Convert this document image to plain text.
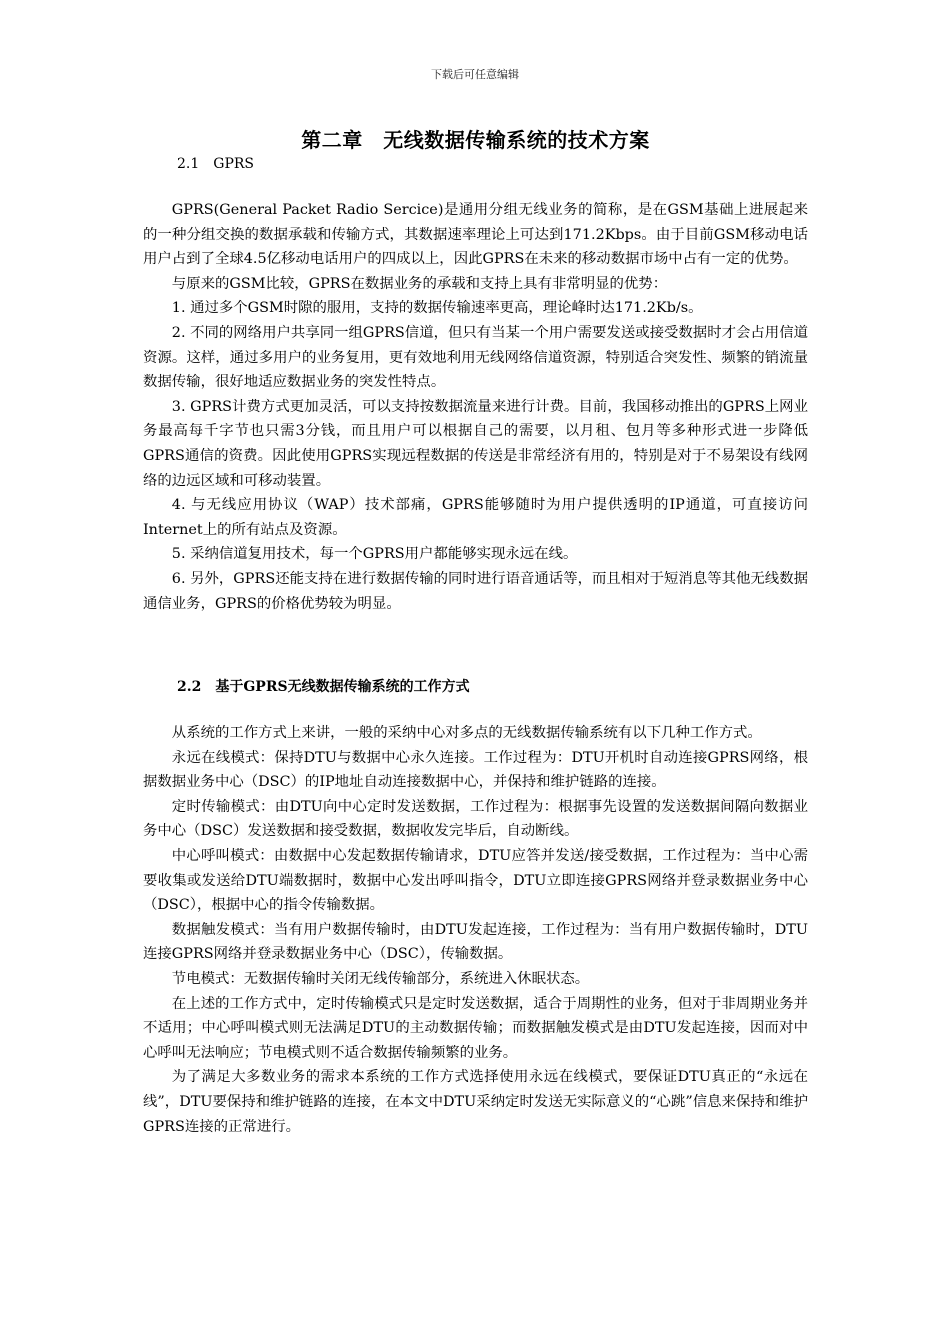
下载后可任意编辑
第二章　无线数据传输系统的技术方案
2.1　GPRS

GPRS(General Packet Radio Sercice)是通用分组无线业务的简称，是在GSM基础上进展起来的一种分组交换的数据承载和传输方式，其数据速率理论上可达到171.2Kbps。由于目前GSM移动电话用户占到了全球4.5亿移动电话用户的四成以上，因此GPRS在未来的移动数据市场中占有一定的优势。

与原来的GSM比较，GPRS在数据业务的承载和支持上具有非常明显的优势：

1. 通过多个GSM时隙的服用，支持的数据传输速率更高，理论峰时达171.2Kb/s。

2. 不同的网络用户共享同一组GPRS信道，但只有当某一个用户需要发送或接受数据时才会占用信道资源。这样，通过多用户的业务复用，更有效地利用无线网络信道资源，特别适合突发性、频繁的销流量数据传输，很好地适应数据业务的突发性特点。

3. GPRS计费方式更加灵活，可以支持按数据流量来进行计费。目前，我国移动推出的GPRS上网业务最高每千字节也只需3分钱，而且用户可以根据自己的需要，以月租、包月等多种形式进一步降低GPRS通信的资费。因此使用GPRS实现远程数据的传送是非常经济有用的，特别是对于不易架设有线网络的边远区域和可移动装置。

4. 与无线应用协议（WAP）技术部痛，GPRS能够随时为用户提供透明的IP通道，可直接访问Internet上的所有站点及资源。

5. 采纳信道复用技术，每一个GPRS用户都能够实现永远在线。

6. 另外，GPRS还能支持在进行数据传输的同时进行语音通话等，而且相对于短消息等其他无线数据通信业务，GPRS的价格优势较为明显。

2.2　基于GPRS无线数据传输系统的工作方式

从系统的工作方式上来讲，一般的采纳中心对多点的无线数据传输系统有以下几种工作方式。

永远在线模式：保持DTU与数据中心永久连接。工作过程为：DTU开机时自动连接GPRS网络，根据数据业务中心（DSC）的IP地址自动连接数据中心，并保持和维护链路的连接。

定时传输模式：由DTU向中心定时发送数据，工作过程为：根据事先设置的发送数据间隔向数据业务中心（DSC）发送数据和接受数据，数据收发完毕后，自动断线。

中心呼叫模式：由数据中心发起数据传输请求，DTU应答并发送/接受数据，工作过程为：当中心需要收集或发送给DTU端数据时，数据中心发出呼叫指令，DTU立即连接GPRS网络并登录数据业务中心（DSC），根据中心的指令传输数据。

数据触发模式：当有用户数据传输时，由DTU发起连接，工作过程为：当有用户数据传输时，DTU连接GPRS网络并登录数据业务中心（DSC），传输数据。

节电模式：无数据传输时关闭无线传输部分，系统进入休眠状态。

在上述的工作方式中，定时传输模式只是定时发送数据，适合于周期性的业务，但对于非周期业务并不适用；中心呼叫模式则无法满足DTU的主动数据传输；而数据触发模式是由DTU发起连接，因而对中心呼叫无法响应；节电模式则不适合数据传输频繁的业务。

为了满足大多数业务的需求本系统的工作方式选择使用永远在线模式，要保证DTU真正的“永远在线”，DTU要保持和维护链路的连接，在本文中DTU采纳定时发送无实际意义的“心跳”信息来保持和维护GPRS连接的正常进行。
